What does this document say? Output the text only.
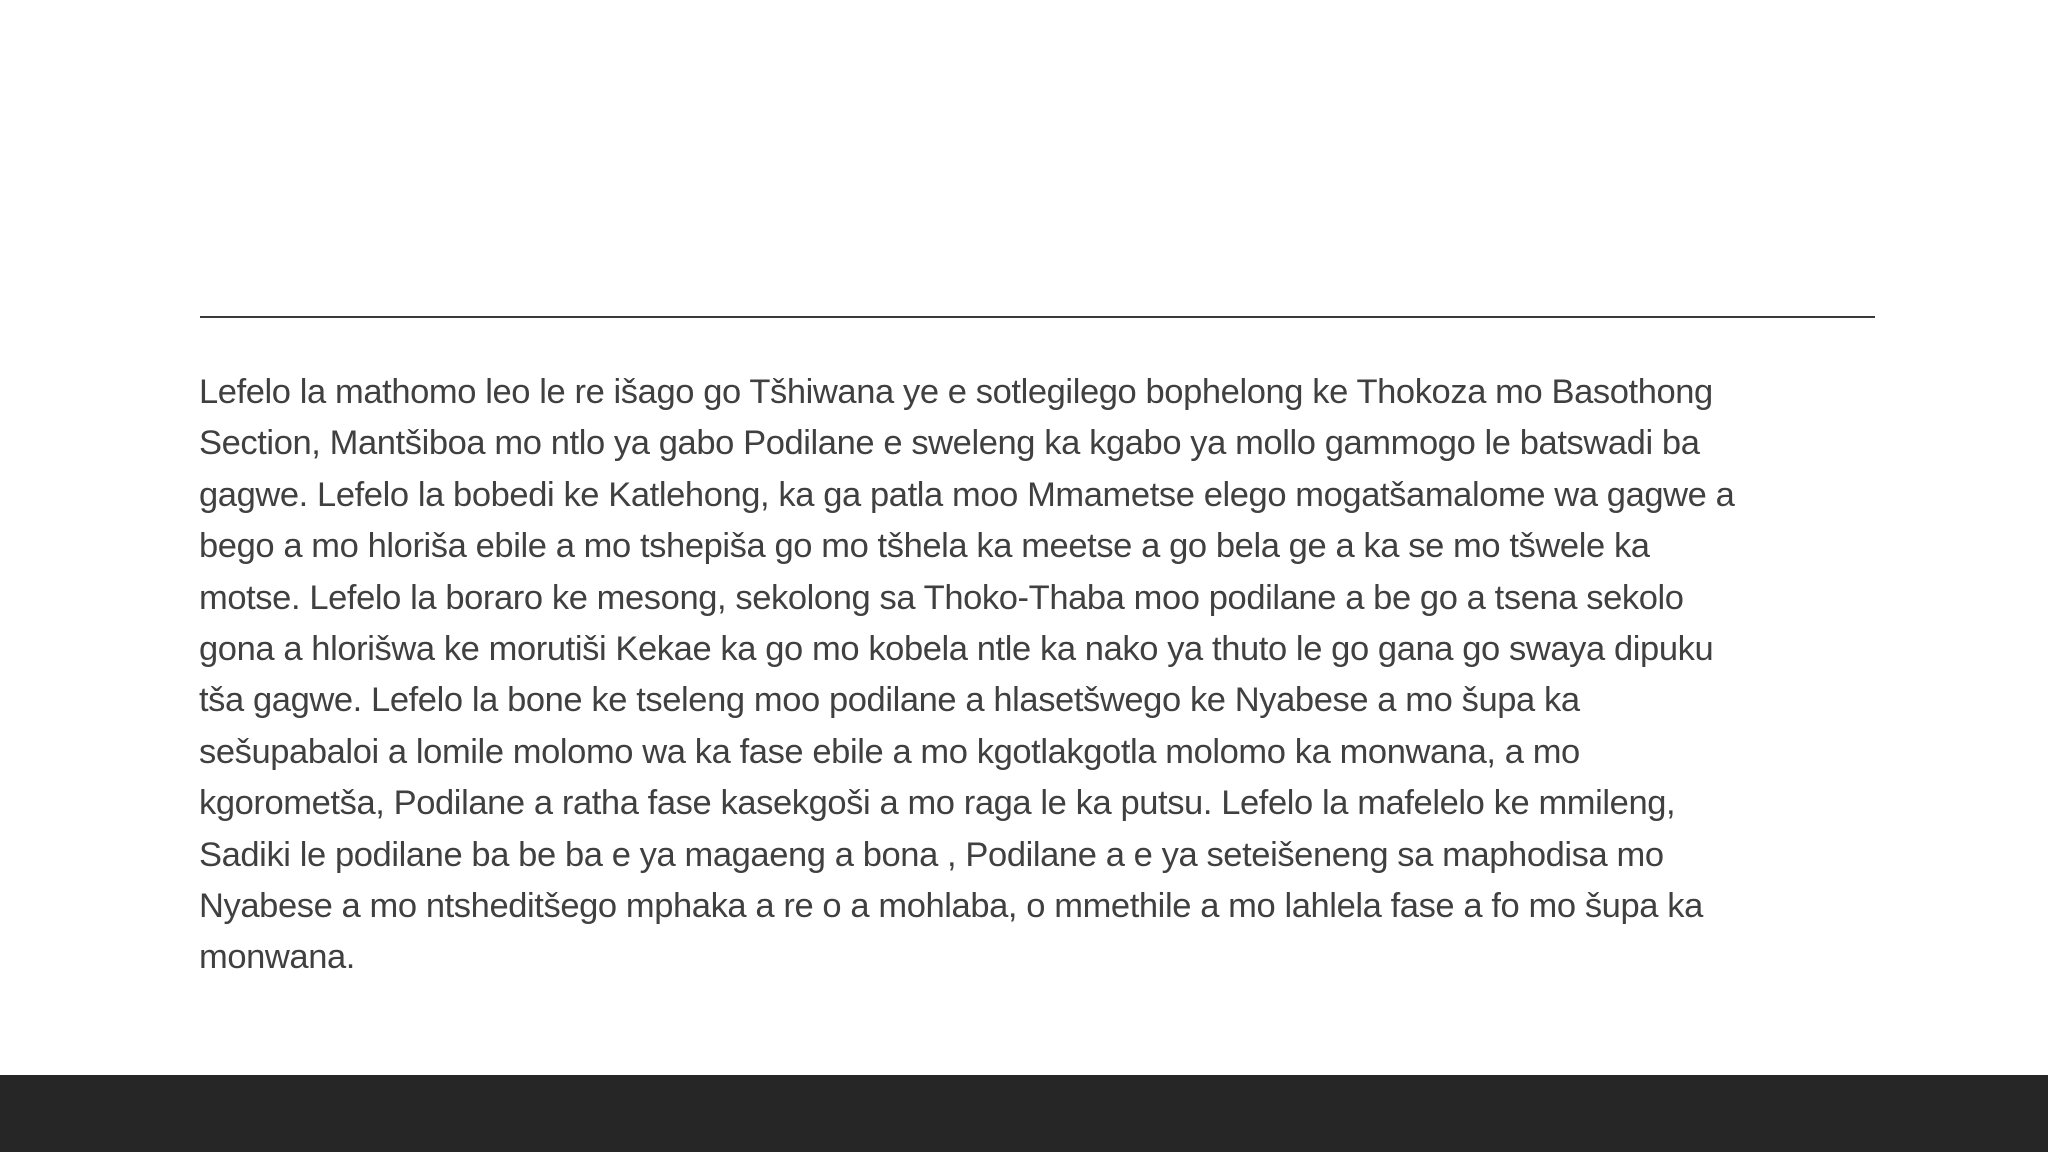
Lefelo la mathomo leo le re išago go Tšhiwana ye e sotlegilego bophelong ke Thokoza mo Basothong
Section, Mantšiboa mo ntlo ya gabo Podilane e sweleng ka kgabo ya mollo gammogo le batswadi ba
gagwe. Lefelo la bobedi ke Katlehong, ka ga patla moo Mmametse elego mogatšamalome wa gagwe a
bego a mo hloriša ebile a mo tshepiša go mo tšhela ka meetse a go bela ge a ka se mo tšwele ka
motse. Lefelo la boraro ke mesong, sekolong sa Thoko-Thaba moo podilane a be go a tsena sekolo
gona a hlorišwa ke morutiši Kekae ka go mo kobela ntle ka nako ya thuto le go gana go swaya dipuku
tša gagwe. Lefelo la bone ke tseleng moo podilane a hlasetšwego ke Nyabese a mo šupa ka
sešupabaloi a lomile molomo wa ka fase ebile a mo kgotlakgotla molomo ka monwana, a mo
kgorometša, Podilane a ratha fase kasekgoši a mo raga le ka putsu. Lefelo la mafelelo ke mmileng,
Sadiki le podilane ba be ba e ya magaeng a bona , Podilane a e ya seteišeneng sa maphodisa mo
Nyabese a mo ntsheditšego mphaka a re o a mohlaba, o mmethile a mo lahlela fase a fo mo šupa ka
monwana.
